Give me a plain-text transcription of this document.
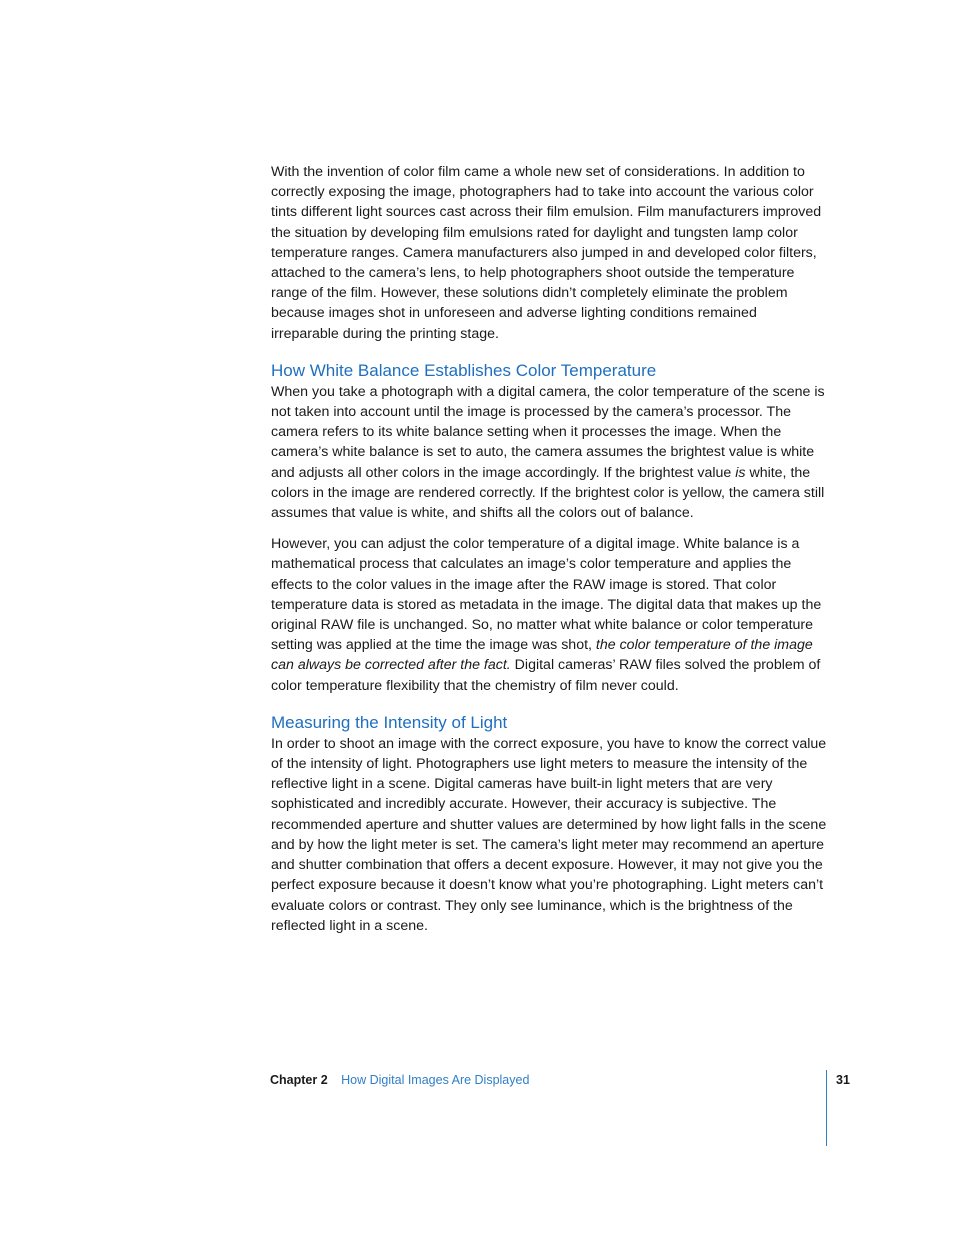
With the invention of color film came a whole new set of considerations. In addition to correctly exposing the image, photographers had to take into account the various color tints different light sources cast across their film emulsion. Film manufacturers improved the situation by developing film emulsions rated for daylight and tungsten lamp color temperature ranges. Camera manufacturers also jumped in and developed color filters, attached to the camera’s lens, to help photographers shoot outside the temperature range of the film. However, these solutions didn’t completely eliminate the problem because images shot in unforeseen and adverse lighting conditions remained irreparable during the printing stage.

How White Balance Establishes Color Temperature

When you take a photograph with a digital camera, the color temperature of the scene is not taken into account until the image is processed by the camera’s processor. The camera refers to its white balance setting when it processes the image. When the camera’s white balance is set to auto, the camera assumes the brightest value is white and adjusts all other colors in the image accordingly. If the brightest value is white, the colors in the image are rendered correctly. If the brightest color is yellow, the camera still assumes that value is white, and shifts all the colors out of balance.

However, you can adjust the color temperature of a digital image. White balance is a mathematical process that calculates an image’s color temperature and applies the effects to the color values in the image after the RAW image is stored. That color temperature data is stored as metadata in the image. The digital data that makes up the original RAW file is unchanged. So, no matter what white balance or color temperature setting was applied at the time the image was shot, the color temperature of the image can always be corrected after the fact. Digital cameras’ RAW files solved the problem of color temperature flexibility that the chemistry of film never could.

Measuring the Intensity of Light

In order to shoot an image with the correct exposure, you have to know the correct value of the intensity of light. Photographers use light meters to measure the intensity of the reflective light in a scene. Digital cameras have built-in light meters that are very sophisticated and incredibly accurate. However, their accuracy is subjective. The recommended aperture and shutter values are determined by how light falls in the scene and by how the light meter is set. The camera’s light meter may recommend an aperture and shutter combination that offers a decent exposure. However, it may not give you the perfect exposure because it doesn’t know what you’re photographing. Light meters can’t evaluate colors or contrast. They only see luminance, which is the brightness of the reflected light in a scene.

Chapter 2 How Digital Images Are Displayed	31
